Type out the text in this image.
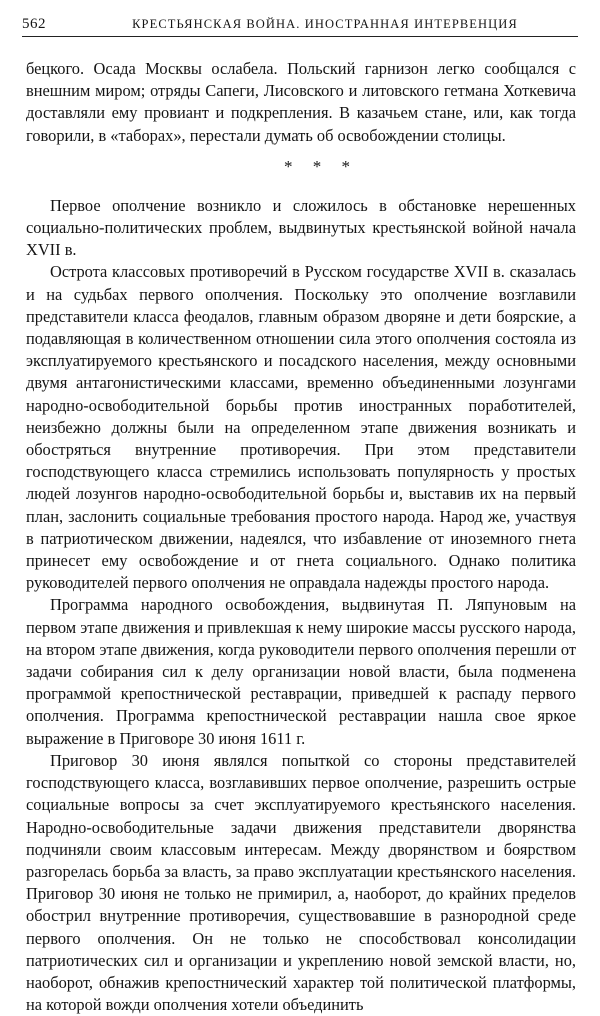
562	КРЕСТЬЯНСКАЯ ВОЙНА. ИНОСТРАННАЯ ИНТЕРВЕНЦИЯ

бецкого. Осада Москвы ослабела. Польский гарнизон легко сообщался с внешним миром; отряды Сапеги, Лисовского и литовского гетмана Хоткевича доставляли ему провиант и подкрепления. В казачьем стане, или, как тогда говорили, в «таборах», перестали думать об освобождении столицы.

* * *

Первое ополчение возникло и сложилось в обстановке нерешенных социально-политических проблем, выдвинутых крестьянской войной начала XVII в.

Острота классовых противоречий в Русском государстве XVII в. сказалась и на судьбах первого ополчения. Поскольку это ополчение возглавили представители класса феодалов, главным образом дворяне и дети боярские, а подавляющая в количественном отношении сила этого ополчения состояла из эксплуатируемого крестьянского и посадского населения, между основными двумя антагонистическими классами, временно объединенными лозунгами народно-освободительной борьбы против иностранных поработителей, неизбежно должны были на определенном этапе движения возникать и обостряться внутренние противоречия. При этом представители господствующего класса стремились использовать популярность у простых людей лозунгов народно-освободительной борьбы и, выставив их на первый план, заслонить социальные требования простого народа. Народ же, участвуя в патриотическом движении, надеялся, что избавление от иноземного гнета принесет ему освобождение и от гнета социального. Однако политика руководителей первого ополчения не оправдала надежды простого народа.

Программа народного освобождения, выдвинутая П. Ляпуновым на первом этапе движения и привлекшая к нему широкие массы русского народа, на втором этапе движения, когда руководители первого ополчения перешли от задачи собирания сил к делу организации новой власти, была подменена программой крепостнической реставрации, приведшей к распаду первого ополчения. Программа крепостнической реставрации нашла свое яркое выражение в Приговоре 30 июня 1611 г.

Приговор 30 июня являлся попыткой со стороны представителей господствующего класса, возглавивших первое ополчение, разрешить острые социальные вопросы за счет эксплуатируемого крестьянского населения. Народно-освободительные задачи движения представители дворянства подчиняли своим классовым интересам. Между дворянством и боярством разгорелась борьба за власть, за право эксплуатации крестьянского населения. Приговор 30 июня не только не примирил, а, наоборот, до крайних пределов обострил внутренние противоречия, существовавшие в разнородной среде первого ополчения. Он не только не способствовал консолидации патриотических сил и организации и укреплению новой земской власти, но, наоборот, обнажив крепостнический характер той политической платформы, на которой вожди ополчения хотели объединить
